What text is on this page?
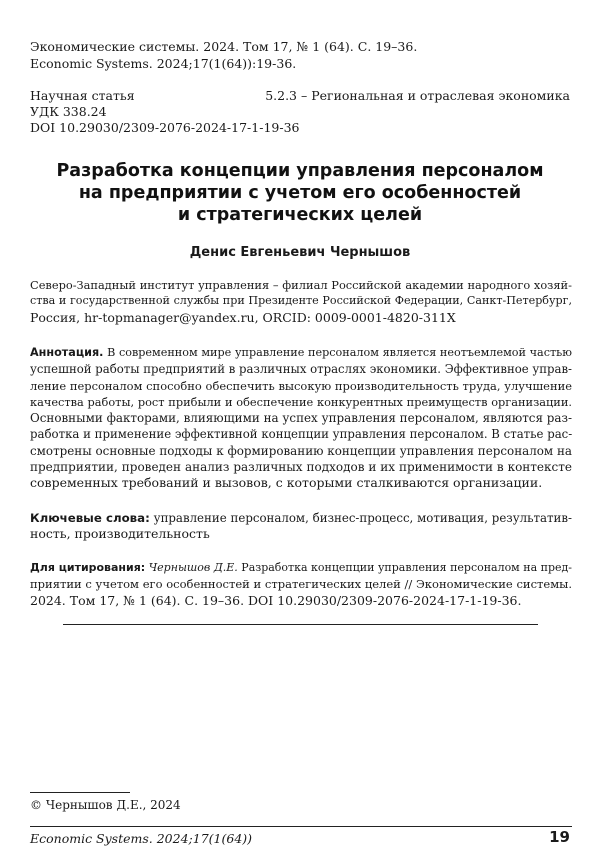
Экономические системы. 2024. Том 17, № 1 (64). С. 19–36.
Economic Systems. 2024;17(1(64)):19-36.
Научная статья	5.2.3 – Региональная и отраслевая экономика
УДК 338.24
DOI 10.29030/2309-2076-2024-17-1-19-36
Разработка концепции управления персоналом
на предприятии с учетом его особенностей
и стратегических целей
Денис Евгеньевич Чернышов
Северо-Западный институт управления – филиал Российской академии народного хозяй-
ства и государственной службы при Президенте Российской Федерации, Санкт-Петербург,
Россия, hr-topmanager@yandex.ru, ORCID: 0009-0001-4820-311X
Аннотация. В современном мире управление персоналом является неотъемлемой частью
успешной работы предприятий в различных отраслях экономики. Эффективное управ-
ление персоналом способно обеспечить высокую производительность труда, улучшение
качества работы, рост прибыли и обеспечение конкурентных преимуществ организации.
Основными факторами, влияющими на успех управления персоналом, являются раз-
работка и применение эффективной концепции управления персоналом. В статье рас-
смотрены основные подходы к формированию концепции управления персоналом на
предприятии, проведен анализ различных подходов и их применимости в контексте
современных требований и вызовов, с которыми сталкиваются организации.
Ключевые слова: управление персоналом, бизнес-процесс, мотивация, результатив-
ность, производительность
Для цитирования: Чернышов Д.Е. Разработка концепции управления персоналом на пред-
приятии с учетом его особенностей и стратегических целей // Экономические системы.
2024. Том 17, № 1 (64). С. 19–36. DOI 10.29030/2309-2076-2024-17-1-19-36.
© Чернышов Д.Е., 2024
Economic Systems. 2024;17(1(64))	19
